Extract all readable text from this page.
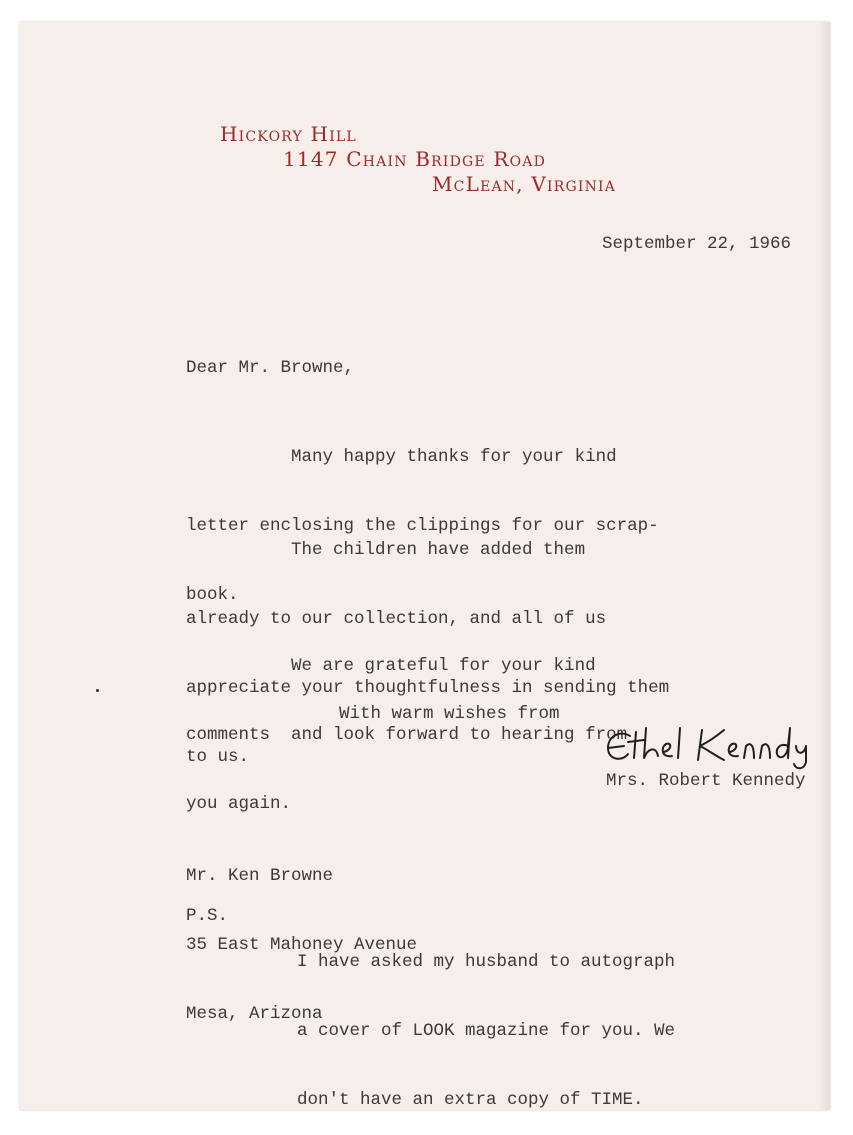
Hickory Hill
1147 Chain Bridge Road
McLean, Virginia
September 22, 1966
Dear Mr. Browne,

Many happy thanks for your kind

letter enclosing the clippings for our scrap-

book.

The children have added them

already to our collection, and all of us

appreciate your thoughtfulness in sending them

to us.

We are grateful for your kind

comments  and look forward to hearing from

you again.

With warm wishes from
Mrs. Robert Kennedy

Mr. Ken Browne

35 East Mahoney Avenue

Mesa, Arizona

P.S.

I have asked my husband to autograph

a cover of LOOK magazine for you. We

don't have an extra copy of TIME.
